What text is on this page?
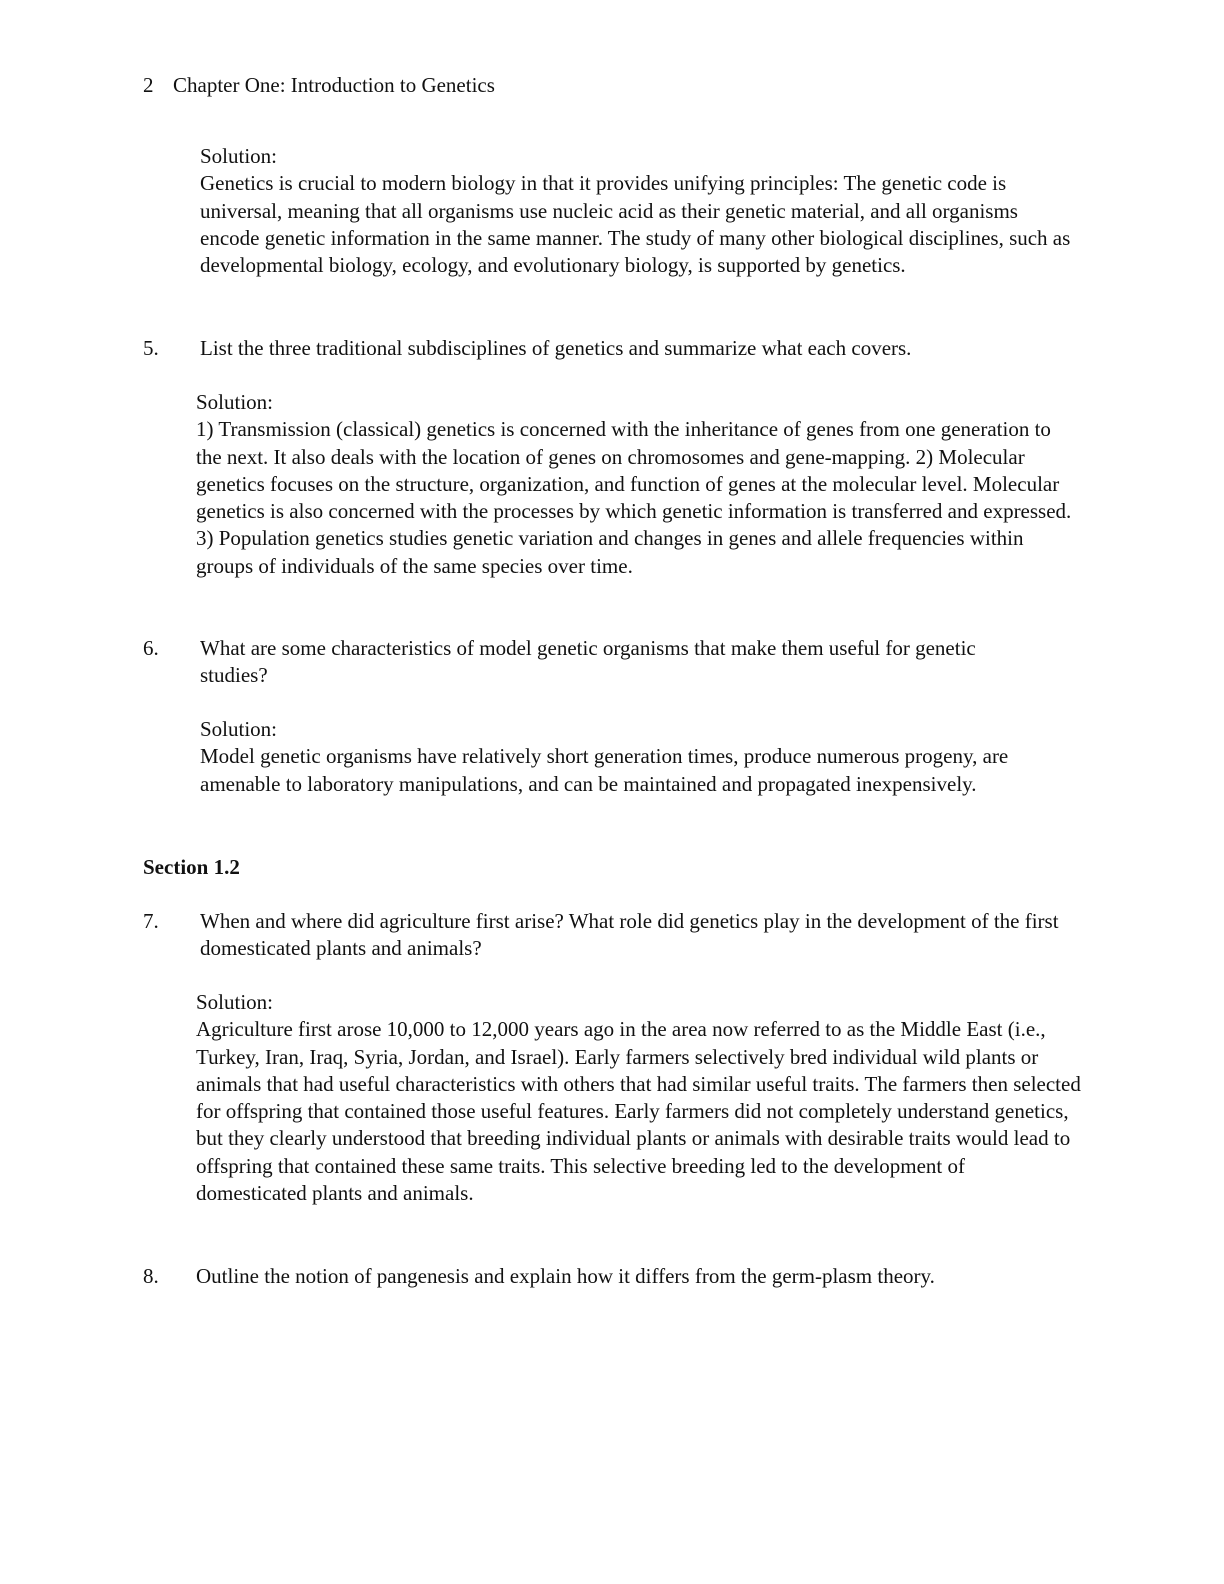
2 Chapter One: Introduction to Genetics
Solution:
Genetics is crucial to modern biology in that it provides unifying principles: The genetic code is universal, meaning that all organisms use nucleic acid as their genetic material, and all organisms encode genetic information in the same manner. The study of many other biological disciplines, such as developmental biology, ecology, and evolutionary biology, is supported by genetics.
5. List the three traditional subdisciplines of genetics and summarize what each covers.
Solution:
1) Transmission (classical) genetics is concerned with the inheritance of genes from one generation to the next. It also deals with the location of genes on chromosomes and gene-mapping. 2) Molecular genetics focuses on the structure, organization, and function of genes at the molecular level. Molecular genetics is also concerned with the processes by which genetic information is transferred and expressed. 3) Population genetics studies genetic variation and changes in genes and allele frequencies within groups of individuals of the same species over time.
6. What are some characteristics of model genetic organisms that make them useful for genetic studies?
Solution:
Model genetic organisms have relatively short generation times, produce numerous progeny, are amenable to laboratory manipulations, and can be maintained and propagated inexpensively.
Section 1.2
7. When and where did agriculture first arise? What role did genetics play in the development of the first domesticated plants and animals?
Solution:
Agriculture first arose 10,000 to 12,000 years ago in the area now referred to as the Middle East (i.e., Turkey, Iran, Iraq, Syria, Jordan, and Israel). Early farmers selectively bred individual wild plants or animals that had useful characteristics with others that had similar useful traits. The farmers then selected for offspring that contained those useful features. Early farmers did not completely understand genetics, but they clearly understood that breeding individual plants or animals with desirable traits would lead to offspring that contained these same traits. This selective breeding led to the development of domesticated plants and animals.
8. Outline the notion of pangenesis and explain how it differs from the germ-plasm theory.
